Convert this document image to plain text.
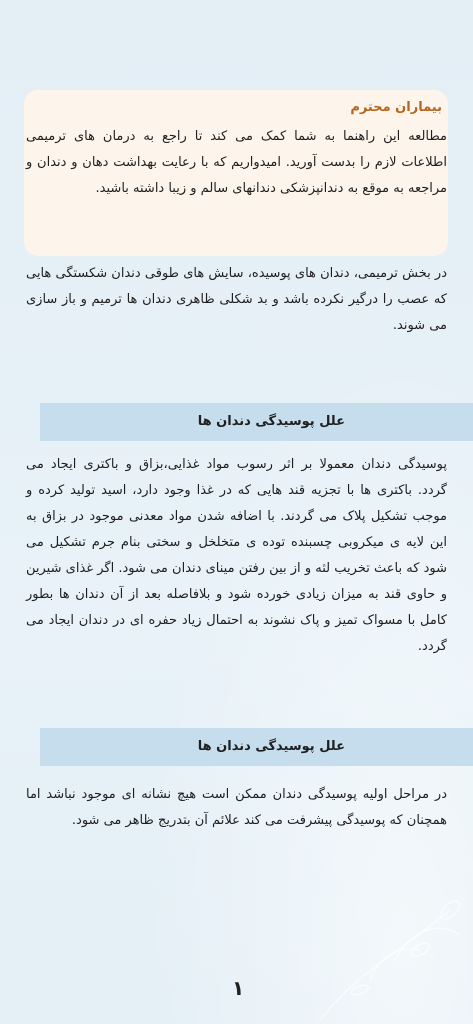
بیماران محترم

مطالعه این راهنما به شما کمک می کند تا راجع به درمان های ترمیمی اطلاعات لازم را بدست آورید. امیدواریم که با رعایت بهداشت دهان و دندان و مراجعه به موقع به دندانپزشکی دندانهای سالم و زیبا داشته باشید.

در بخش ترمیمی، دندان های پوسیده، سایش های طوقی دندان شکستگی هایی که عصب را درگیر نکرده باشد و بد شکلی ظاهری دندان ها ترمیم و باز سازی می شوند.

علل پوسیدگی دندان ها

پوسیدگی دندان معمولا بر اثر رسوب مواد غذایی،بزاق و باکتری ایجاد می گردد. باکتری ها با تجزیه قند هایی که در غذا وجود دارد، اسید تولید کرده و موجب تشکیل پلاک می گردند. با اضافه شدن مواد معدنی موجود در بزاق به این لایه ی میکروبی چسبنده توده ی متخلخل و سختی بنام جرم تشکیل می شود که باعث تخریب لثه و از بین رفتن مینای دندان می شود. اگر غذای شیرین و حاوی قند به میزان زیادی خورده شود و بلافاصله بعد از آن دندان ها بطور کامل با مسواک تمیز و پاک نشوند به احتمال زیاد حفره ای در دندان ایجاد می گردد.

علل پوسیدگی دندان ها

در مراحل اولیه پوسیدگی دندان ممکن است هیچ نشانه ای موجود نباشد اما همچنان که پوسیدگی پیشرفت می کند علائم آن بتدریج ظاهر می شود.

۱
